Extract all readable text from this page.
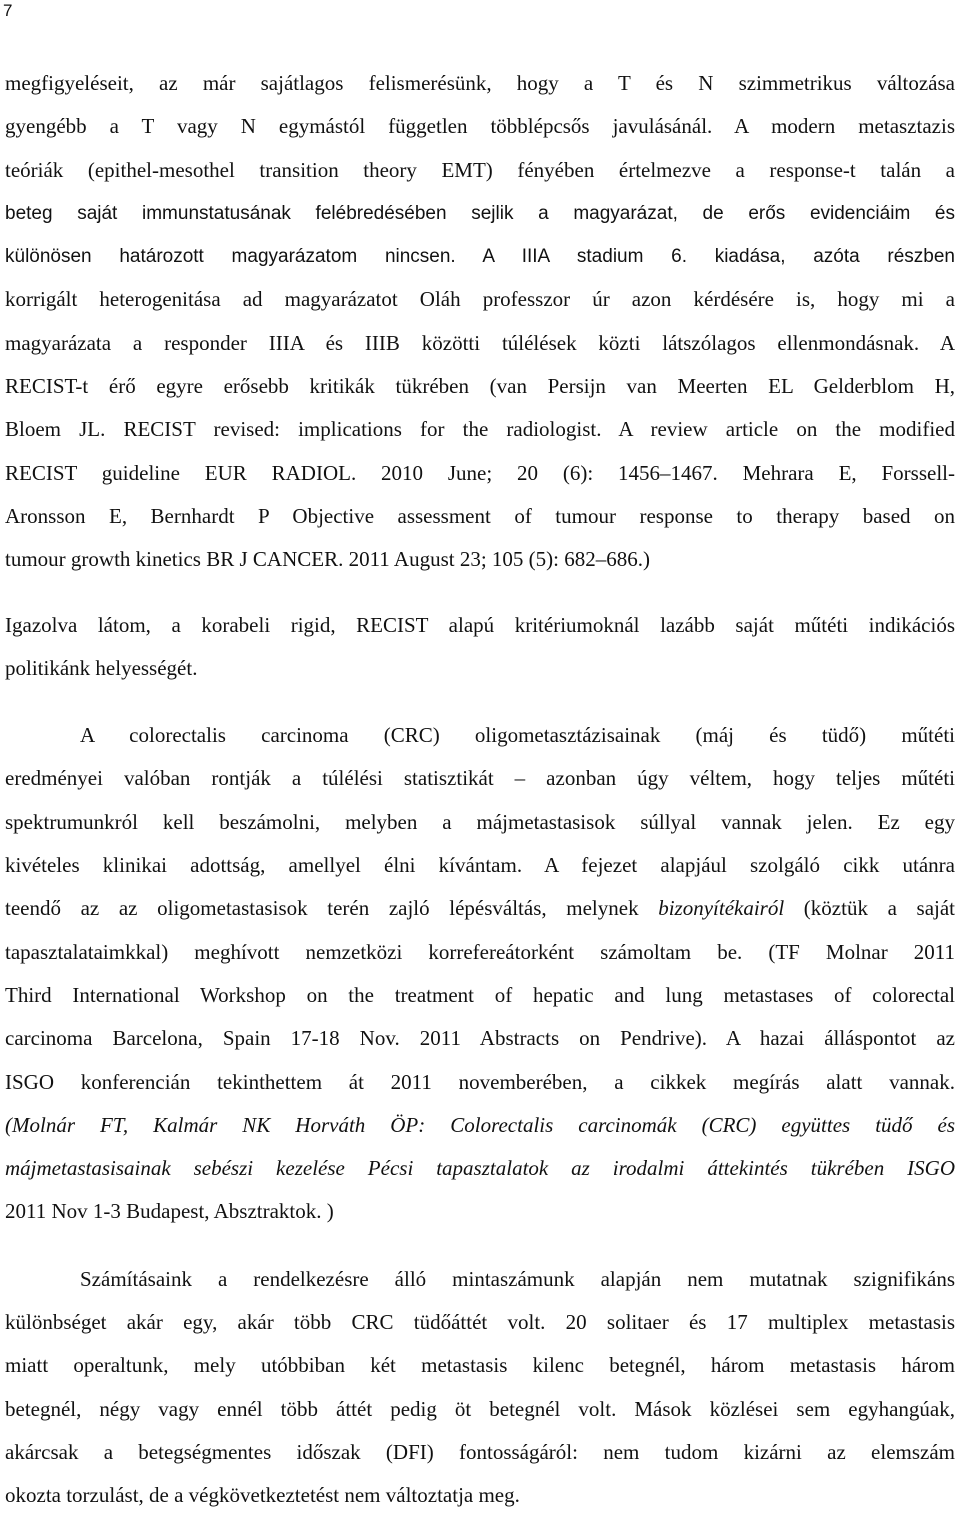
7
megfigyeléseit, az már sajátlagos felismerésünk, hogy a T és N szimmetrikus változása
gyengébb a T vagy N egymástól független többlépcsős javulásánál. A modern metasztazis
teóriák (epithel-mesothel transition theory EMT) fényében értelmezve a response-t talán a
beteg saját immunstatusának felébredésében sejlik a magyarázat, de erős evidenciáim és
különösen határozott magyarázatom nincsen. A IIIA stadium 6. kiadása, azóta részben
korrigált heterogenitása ad magyarázatot Oláh professzor úr azon kérdésére is, hogy mi a
magyarázata a responder IIIA és IIIB közötti túlélések közti látszólagos ellenmondásnak. A
RECIST-t érő egyre erősebb kritikák tükrében (van Persijn van Meerten EL Gelderblom H,
Bloem JL. RECIST revised: implications for the radiologist. A review article on the modified
RECIST guideline EUR RADIOL. 2010 June; 20 (6): 1456–1467. Mehrara E, Forssell-
Aronsson E, Bernhardt P Objective assessment of tumour response to therapy based on
tumour growth kinetics BR J CANCER. 2011 August 23; 105 (5): 682–686.)
Igazolva látom, a korabeli rigid, RECIST alapú kritériumoknál lazább saját műtéti indikációs
politikánk helyességét.
A colorectalis carcinoma (CRC) oligometasztázisainak (máj és tüdő) műtéti
eredményei valóban rontják a túlélési statisztikát – azonban úgy véltem, hogy teljes műtéti
spektrumunkról kell beszámolni, melyben a májmetastasisok súllyal vannak jelen. Ez egy
kivételes klinikai adottság, amellyel élni kívántam. A fejezet alapjául szolgáló cikk utánra
teendő az az oligometastasisok terén zajló lépésváltás, melynek bizonyítékairól (köztük a saját
tapasztalataimkkal) meghívott nemzetközi korrefereátorként számoltam be. (TF Molnar 2011
Third International Workshop on the treatment of hepatic and lung metastases of colorectal
carcinoma Barcelona, Spain 17-18 Nov. 2011 Abstracts on Pendrive). A hazai álláspontot az
ISGO konferencián tekinthettem át 2011 novemberében, a cikkek megírás alatt vannak.
(Molnár FT, Kalmár NK Horváth ÖP: Colorectalis carcinomák (CRC) együttes tüdő és
májmetastasisainak sebészi kezelése Pécsi tapasztalatok az irodalmi áttekintés tükrében ISGO
2011 Nov 1-3 Budapest, Absztraktok. )
Számításaink a rendelkezésre álló mintaszámunk alapján nem mutatnak szignifikáns
különbséget akár egy, akár több CRC tüdőáttét volt. 20 solitaer és 17 multiplex metastasis
miatt operaltunk, mely utóbbiban két metastasis kilenc betegnél, három metastasis három
betegnél, négy vagy ennél több áttét pedig öt betegnél volt. Mások közlései sem egyhangúak,
akárcsak a betegségmentes időszak (DFI) fontosságáról: nem tudom kizárni az elemszám
okozta torzulást, de a végkövetkeztetést nem változtatja meg.
